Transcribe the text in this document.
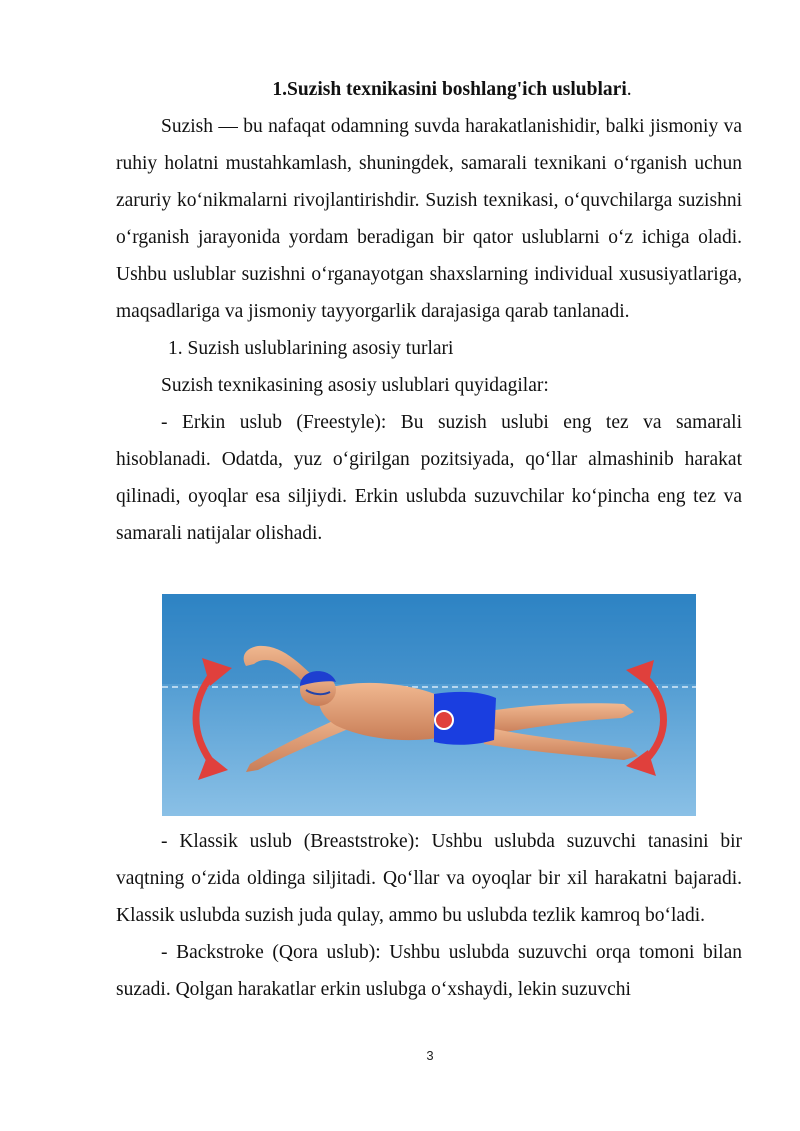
1.Suzish texnikasini boshlang'ich uslublari.

Suzish — bu nafaqat odamning suvda harakatlanishidir, balki jismoniy va ruhiy holatni mustahkamlash, shuningdek, samarali texnikani oʻrganish uchun zaruriy koʻnikmalarni rivojlantirishdir. Suzish texnikasi, oʻquvchilarga suzishni oʻrganish jarayonida yordam beradigan bir qator uslublarni oʻz ichiga oladi. Ushbu uslublar suzishni oʻrganayotgan shaxslarning individual xususiyatlariga, maqsadlariga va jismoniy tayyorgarlik darajasiga qarab tanlanadi.

1. Suzish uslublarining asosiy turlari

Suzish texnikasining asosiy uslublari quyidagilar:

- Erkin uslub (Freestyle): Bu suzish uslubi eng tez va samarali hisoblanadi. Odatda, yuz oʻgirilgan pozitsiyada, qoʻllar almashinib harakat qilinadi, oyoqlar esa siljiydi. Erkin uslubda suzuvchilar koʻpincha eng tez va samarali natijalar olishadi.

- Klassik uslub (Breaststroke): Ushbu uslubda suzuvchi tanasini bir vaqtning oʻzida oldinga siljitadi. Qoʻllar va oyoqlar bir xil harakatni bajaradi. Klassik uslubda suzish juda qulay, ammo bu uslubda tezlik kamroq boʻladi.

- Backstroke (Qora uslub): Ushbu uslubda suzuvchi orqa tomoni bilan suzadi. Qolgan harakatlar erkin uslubga oʻxshaydi, lekin suzuvchi

3
